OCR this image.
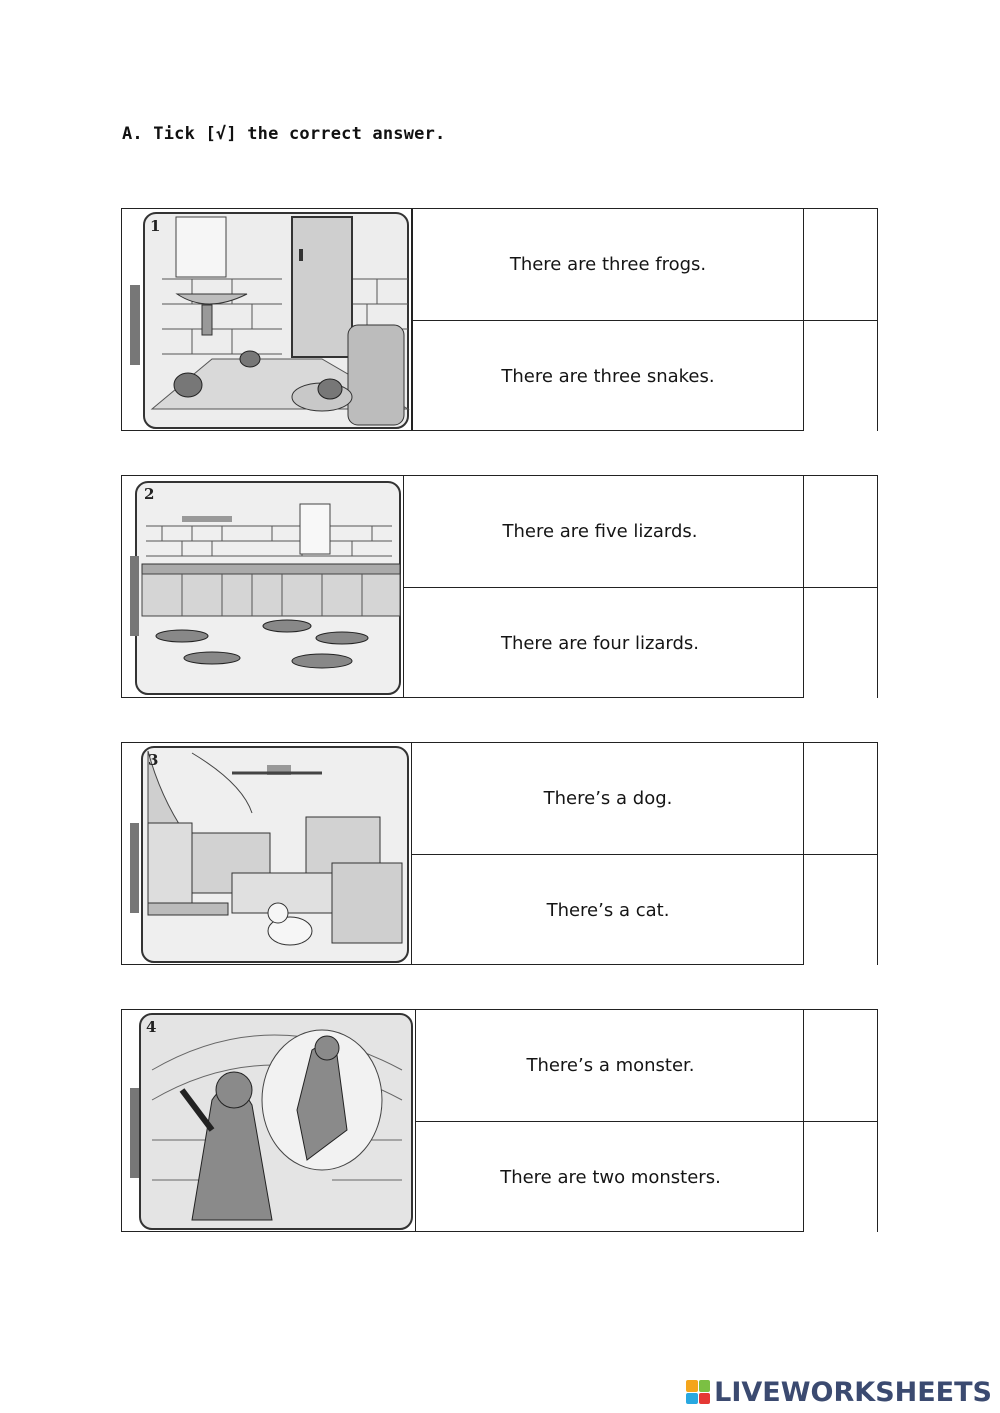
A. Tick [√] the correct answer.
1
There are three frogs.
There are three snakes.
2
There are five lizards.
There are four lizards.
3
There’s a dog.
There’s a cat.
4
There’s a monster.
There are two monsters.
LIVEWORKSHEETS
